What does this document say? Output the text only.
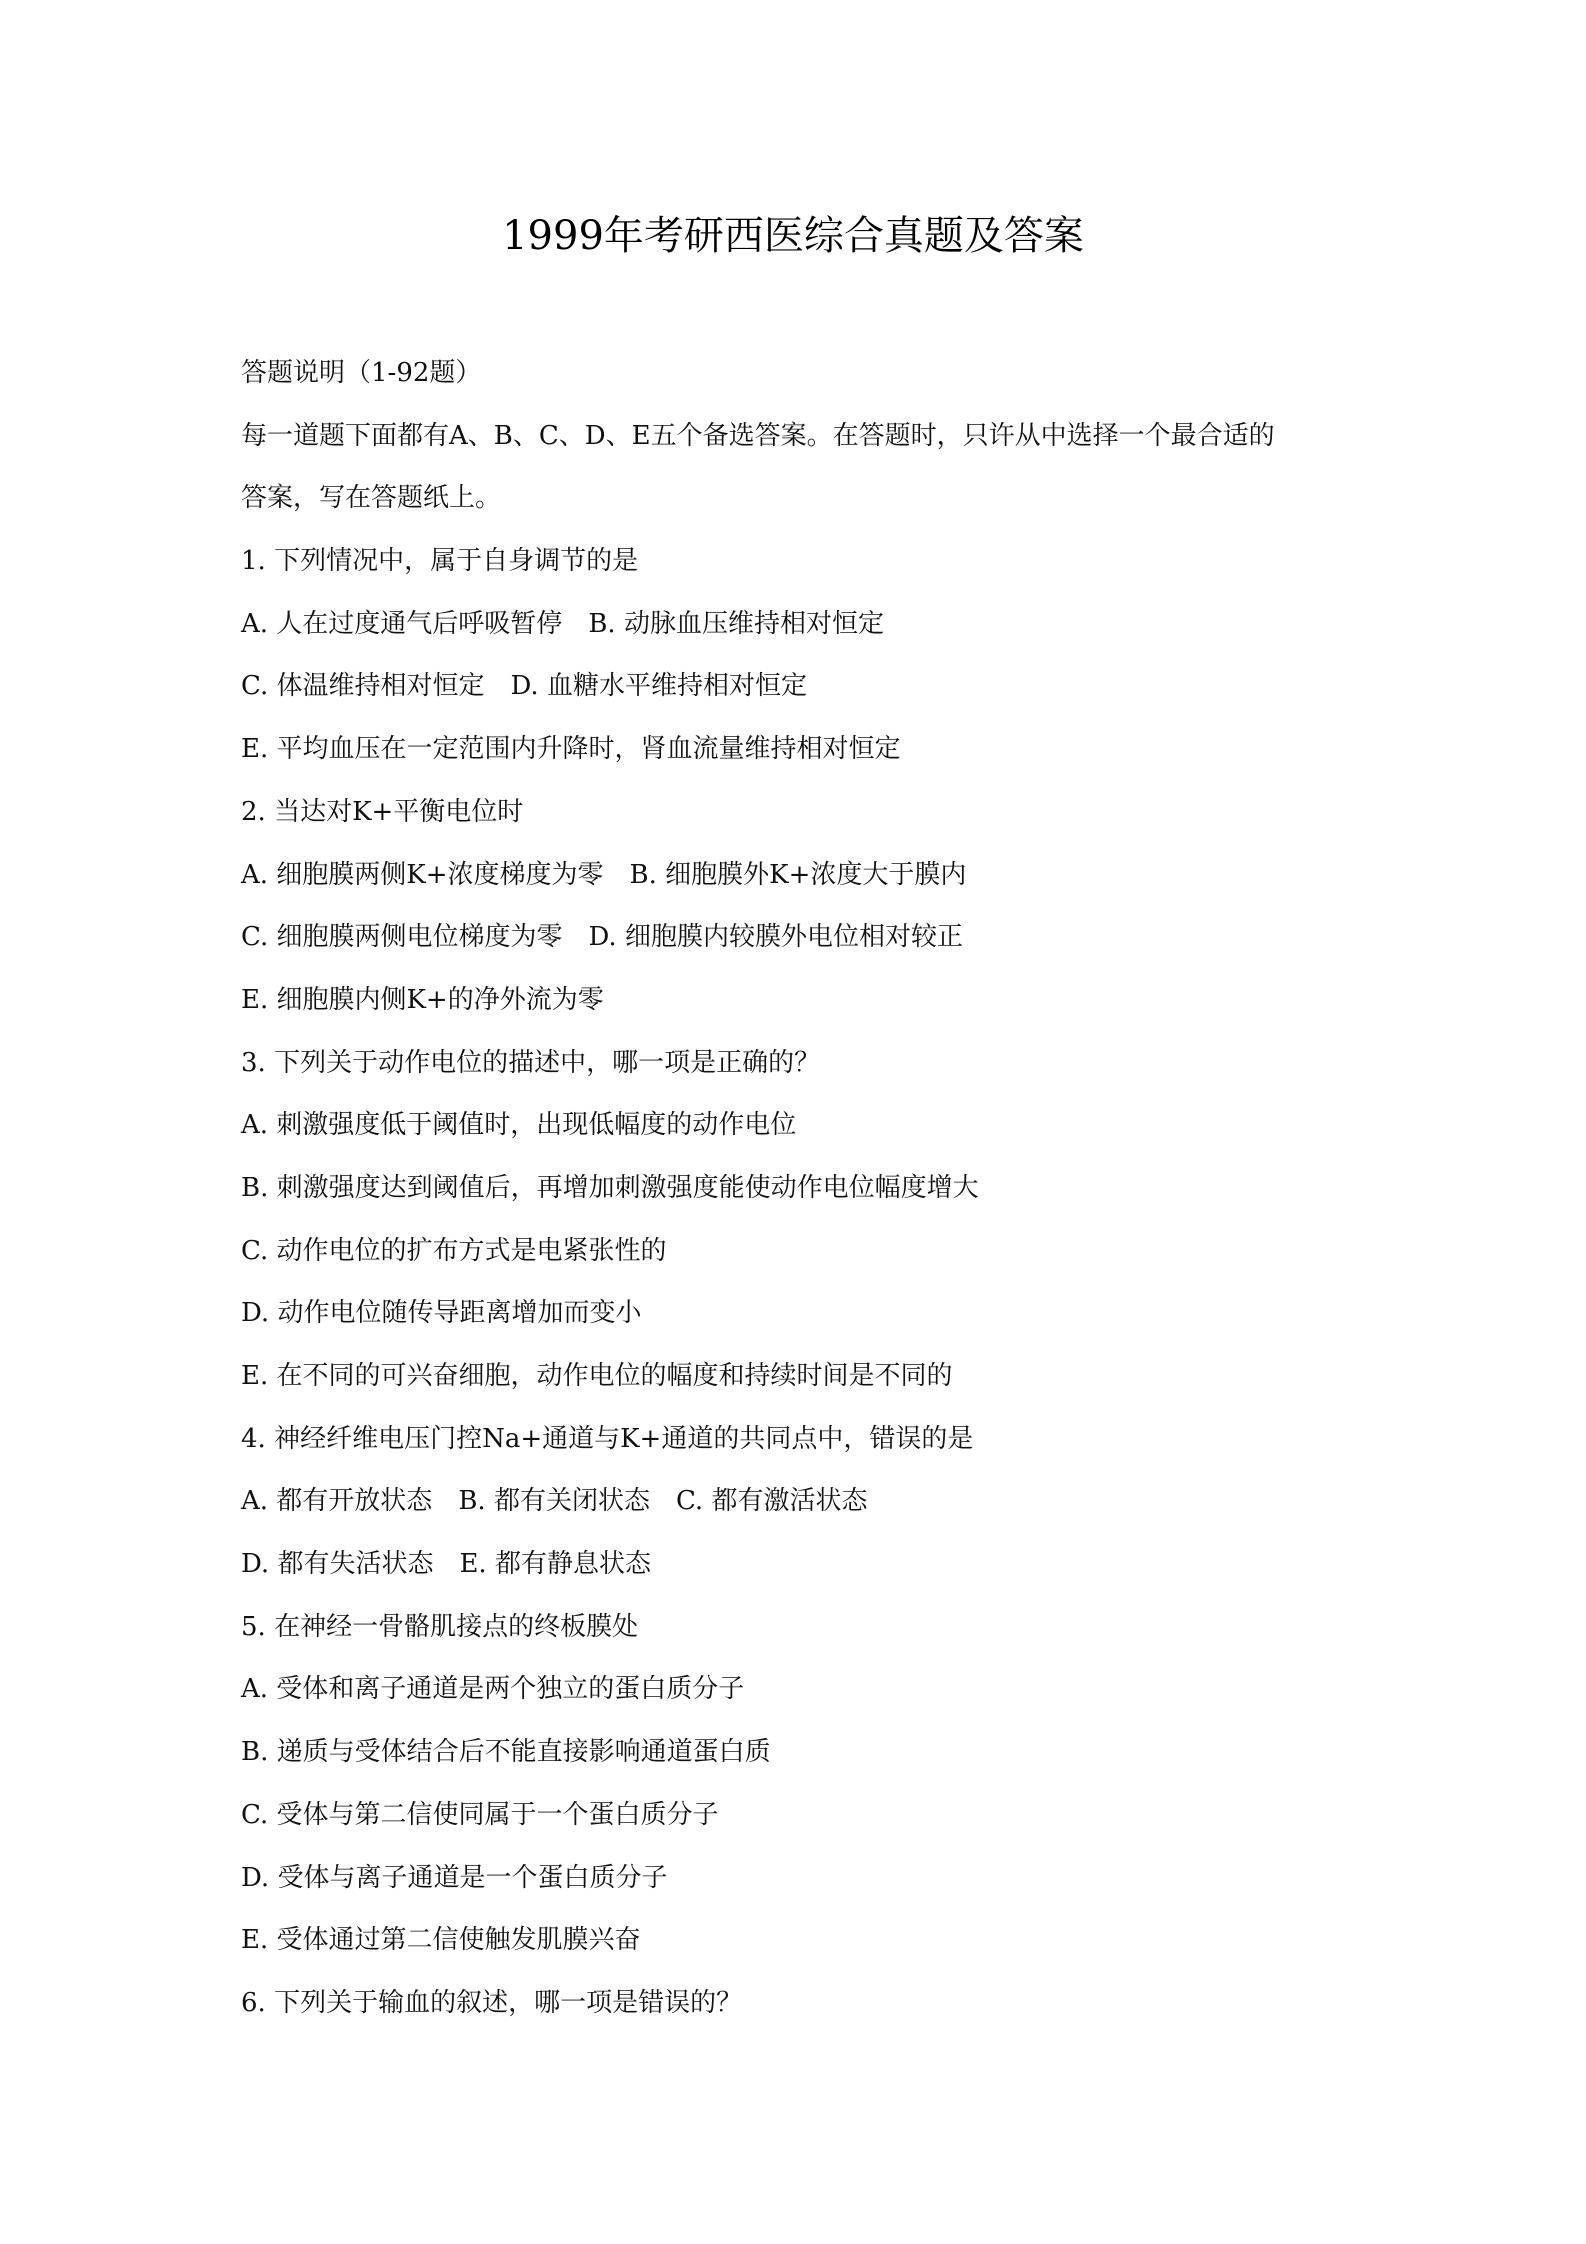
1999年考研西医综合真题及答案

答题说明（1-92题）

每一道题下面都有A、B、C、D、E五个备选答案。在答题时，只许从中选择一个最合适的

答案，写在答题纸上。

1. 下列情况中，属于自身调节的是

A. 人在过度通气后呼吸暂停 B. 动脉血压维持相对恒定

C. 体温维持相对恒定 D. 血糖水平维持相对恒定

E. 平均血压在一定范围内升降时，肾血流量维持相对恒定

2. 当达对K+平衡电位时

A. 细胞膜两侧K+浓度梯度为零 B. 细胞膜外K+浓度大于膜内

C. 细胞膜两侧电位梯度为零 D. 细胞膜内较膜外电位相对较正

E. 细胞膜内侧K+的净外流为零

3. 下列关于动作电位的描述中，哪一项是正确的？

A. 刺激强度低于阈值时，出现低幅度的动作电位

B. 刺激强度达到阈值后，再增加刺激强度能使动作电位幅度增大

C. 动作电位的扩布方式是电紧张性的

D. 动作电位随传导距离增加而变小

E. 在不同的可兴奋细胞，动作电位的幅度和持续时间是不同的

4. 神经纤维电压门控Na+通道与K+通道的共同点中，错误的是

A. 都有开放状态 B. 都有关闭状态 C. 都有激活状态

D. 都有失活状态 E. 都有静息状态

5. 在神经一骨骼肌接点的终板膜处

A. 受体和离子通道是两个独立的蛋白质分子

B. 递质与受体结合后不能直接影响通道蛋白质

C. 受体与第二信使同属于一个蛋白质分子

D. 受体与离子通道是一个蛋白质分子

E. 受体通过第二信使触发肌膜兴奋

6. 下列关于输血的叙述，哪一项是错误的？
